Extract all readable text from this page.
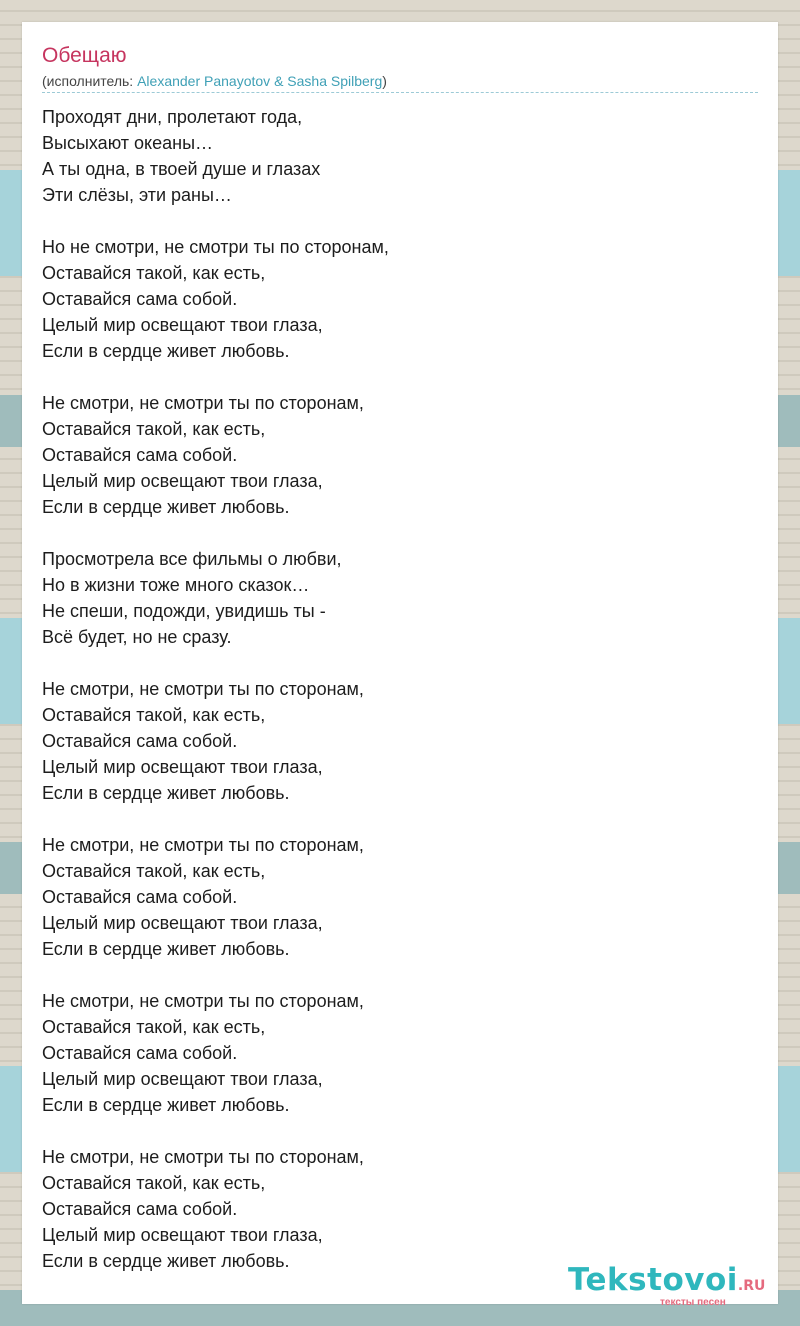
Обещаю
(исполнитель: Alexander Panayotov & Sasha Spilberg)
Проходят дни, пролетают года,
Высыхают океаны…
А ты одна, в твоей душе и глазах
Эти слёзы, эти раны…
Но не смотри, не смотри ты по сторонам,
Оставайся такой, как есть,
Оставайся сама собой.
Целый мир освещают твои глаза,
Если в сердце живет любовь.
Не смотри, не смотри ты по сторонам,
Оставайся такой, как есть,
Оставайся сама собой.
Целый мир освещают твои глаза,
Если в сердце живет любовь.
Просмотрела все фильмы о любви,
Но в жизни тоже много сказок…
Не спеши, подожди, увидишь ты -
Всё будет, но не сразу.
Не смотри, не смотри ты по сторонам,
Оставайся такой, как есть,
Оставайся сама собой.
Целый мир освещают твои глаза,
Если в сердце живет любовь.
Не смотри, не смотри ты по сторонам,
Оставайся такой, как есть,
Оставайся сама собой.
Целый мир освещают твои глаза,
Если в сердце живет любовь.
Не смотри, не смотри ты по сторонам,
Оставайся такой, как есть,
Оставайся сама собой.
Целый мир освещают твои глаза,
Если в сердце живет любовь.
Не смотри, не смотри ты по сторонам,
Оставайся такой, как есть,
Оставайся сама собой.
Целый мир освещают твои глаза,
Если в сердце живет любовь.
Tekstovoi.RU
тексты песен
